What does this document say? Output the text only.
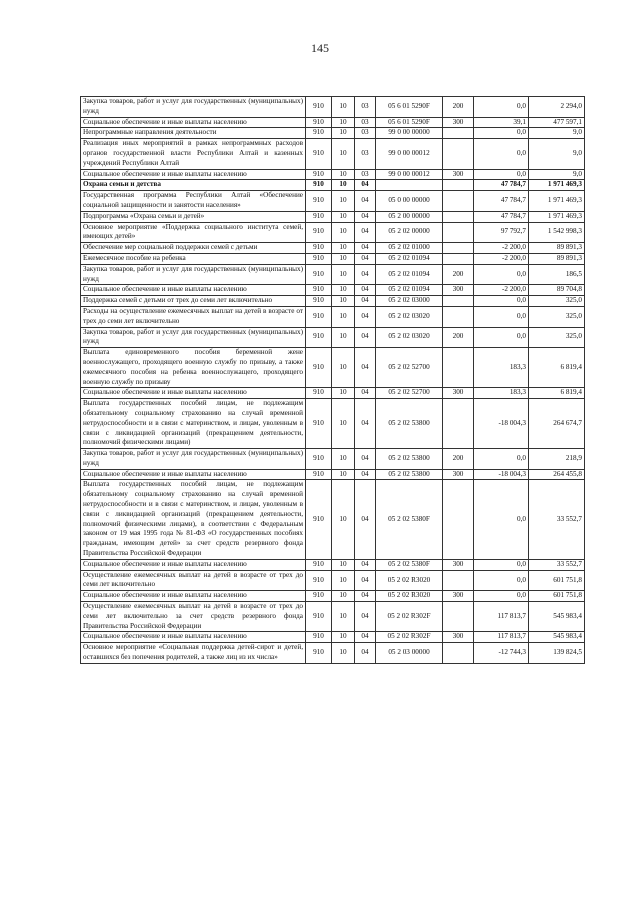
145
Закупка товаров, работ и услуг для государственных (муниципальных) нужд	910	10	03	05 6 01 5290F	200	0,0	2 294,0
Социальное обеспечение и иные выплаты населению	910	10	03	05 6 01 5290F	300	39,1	477 597,1
Непрограммные направления деятельности	910	10	03	99 0 00 00000		0,0	9,0
Реализация иных мероприятий в рамках непрограммных расходов органов государственной власти Республики Алтай и казенных учреждений Республики Алтай	910	10	03	99 0 00 00012		0,0	9,0
Социальное обеспечение и иные выплаты населению	910	10	03	99 0 00 00012	300	0,0	9,0
Охрана семьи и детства	910	10	04			47 784,7	1 971 469,3
Государственная программа Республики Алтай «Обеспечение социальной защищенности и занятости населения»	910	10	04	05 0 00 00000		47 784,7	1 971 469,3
Подпрограмма «Охрана семьи и детей»	910	10	04	05 2 00 00000		47 784,7	1 971 469,3
Основное мероприятие «Поддержка социального института семей, имеющих детей»	910	10	04	05 2 02 00000		97 792,7	1 542 998,3
Обеспечение мер социальной поддержки семей с детьми	910	10	04	05 2 02 01000		-2 200,0	89 891,3
Ежемесячное пособие на ребенка	910	10	04	05 2 02 01094		-2 200,0	89 891,3
Закупка товаров, работ и услуг для государственных (муниципальных) нужд	910	10	04	05 2 02 01094	200	0,0	186,5
Социальное обеспечение и иные выплаты населению	910	10	04	05 2 02 01094	300	-2 200,0	89 704,8
Поддержка семей с детьми от трех до семи лет включительно	910	10	04	05 2 02 03000		0,0	325,0
Расходы на осуществление ежемесячных выплат на детей в возрасте от трех до семи лет включительно	910	10	04	05 2 02 03020		0,0	325,0
Закупка товаров, работ и услуг для государственных (муниципальных) нужд	910	10	04	05 2 02 03020	200	0,0	325,0
Выплата единовременного пособия беременной жене военнослужащего, проходящего военную службу по призыву, а также ежемесячного пособия на ребенка военнослужащего, проходящего военную службу по призыву	910	10	04	05 2 02 52700		183,3	6 819,4
Социальное обеспечение и иные выплаты населению	910	10	04	05 2 02 52700	300	183,3	6 819,4
Выплата государственных пособий лицам, не подлежащим обязательному социальному страхованию на случай временной нетрудоспособности и в связи с материнством, и лицам, уволенным в связи с ликвидацией организаций (прекращением деятельности, полномочий физическими лицами)	910	10	04	05 2 02 53800		-18 004,3	264 674,7
Закупка товаров, работ и услуг для государственных (муниципальных) нужд	910	10	04	05 2 02 53800	200	0,0	218,9
Социальное обеспечение и иные выплаты населению	910	10	04	05 2 02 53800	300	-18 004,3	264 455,8
Выплата государственных пособий лицам, не подлежащим обязательному социальному страхованию на случай временной нетрудоспособности и в связи с материнством, и лицам, уволенным в связи с ликвидацией организаций (прекращением деятельности, полномочий физическими лицами), в соответствии с Федеральным законом от 19 мая 1995 года № 81-ФЗ «О государственных пособиях гражданам, имеющим детей» за счет средств резервного фонда Правительства Российской Федерации	910	10	04	05 2 02 5380F		0,0	33 552,7
Социальное обеспечение и иные выплаты населению	910	10	04	05 2 02 5380F	300	0,0	33 552,7
Осуществление ежемесячных выплат на детей в возрасте от трех до семи лет включительно	910	10	04	05 2 02 R3020		0,0	601 751,8
Социальное обеспечение и иные выплаты населению	910	10	04	05 2 02 R3020	300	0,0	601 751,8
Осуществление ежемесячных выплат на детей в возрасте от трех до семи лет включительно за счет средств резервного фонда Правительства Российской Федерации	910	10	04	05 2 02 R302F		117 813,7	545 983,4
Социальное обеспечение и иные выплаты населению	910	10	04	05 2 02 R302F	300	117 813,7	545 983,4
Основное мероприятие «Социальная поддержка детей-сирот и детей, оставшихся без попечения родителей, а также лиц из их числа»	910	10	04	05 2 03 00000		-12 744,3	139 824,5
